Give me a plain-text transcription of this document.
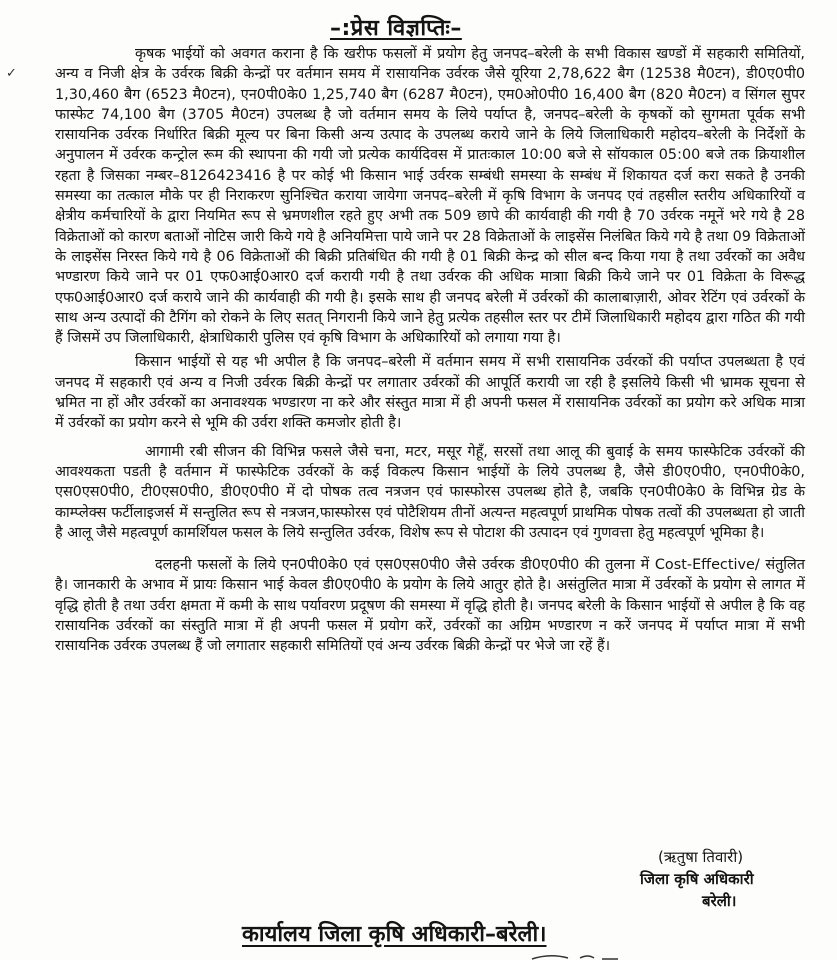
✓
–:प्रेस विज्ञप्तिः–

कृषक भाईयों को अवगत कराना है कि खरीफ फसलों में प्रयोग हेतु जनपद–बरेली के सभी विकास खण्डों में सहकारी समितियों, अन्य व निजी क्षेत्र के उर्वरक बिक्री केन्द्रों पर वर्तमान समय में रासायनिक उर्वरक जैसे यूरिया 2,78,622 बैग (12538 मै0टन), डी0ए0पी0 1,30,460 बैग (6523 मै0टन), एन0पी0के0 1,25,740 बैग (6287 मै0टन), एम0ओ0पी0 16,400 बैग (820 मै0टन) व सिंगल सुपर फास्फेट 74,100 बैग (3705 मै0टन) उपलब्ध है जो वर्तमान समय के लिये पर्याप्त है, जनपद–बरेली के कृषकों को सुगमता पूर्वक सभी रासायनिक उर्वरक निर्धारित बिक्री मूल्य पर बिना किसी अन्य उत्पाद के उपलब्ध कराये जाने के लिये जिलाधिकारी महोदय–बरेली के निर्देशों के अनुपालन में उर्वरक कन्ट्रोल रूम की स्थापना की गयी जो प्रत्येक कार्यदिवस में प्रातःकाल 10:00 बजे से सॉयकाल 05:00 बजे तक क्रियाशील रहता है जिसका नम्बर–8126423416 है पर कोई भी किसान भाई उर्वरक सम्बंधी समस्या के सम्बंध में शिकायत दर्ज करा सकते है उनकी समस्या का तत्काल मौके पर ही निराकरण सुनिश्चित कराया जायेगा जनपद–बरेली में कृषि विभाग के जनपद एवं तहसील स्तरीय अधिकारियों व क्षेत्रीय कर्मचारियों के द्वारा नियमित रूप से भ्रमणशील रहते हुए अभी तक 509 छापे की कार्यवाही की गयी है 70 उर्वरक नमूनें भरे गये है 28 विक्रेताओं को कारण बताओं नोटिस जारी किये गये है अनियमित्ता पाये जाने पर 28 विक्रेताओं के लाइसेंस निलंबित किये गये है तथा 09 विक्रेताओं के लाइसेंस निरस्त किये गये है 06 विक्रेताओं की बिक्री प्रतिबंधित की गयी है 01 बिक्री केन्द्र को सील बन्द किया गया है तथा उर्वरकों का अवैध भण्डारण किये जाने पर 01 एफ0आई0आर0 दर्ज करायी गयी है तथा उर्वरक की अधिक मात्राा बिक्री किये जाने पर 01 विक्रेता के विरूद्ध एफ0आई0आर0 दर्ज कराये जाने की कार्यवाही की गयी है। इसके साथ ही जनपद बरेली में उर्वरकों की कालाबाज़ारी, ओवर रेटिंग एवं उर्वरकों के साथ अन्य उत्पादों की टैगिंग को रोकने के लिए सतत् निगरानी किये जाने हेतु प्रत्येक तहसील स्तर पर टीमें जिलाधिकारी महोदय द्वारा गठित की गयी हैं जिसमें उप जिलाधिकारी, क्षेत्राधिकारी पुलिस एवं कृषि विभाग के अधिकारियों को लगाया गया है।

किसान भाईयों से यह भी अपील है कि जनपद–बरेली में वर्तमान समय में सभी रासायनिक उर्वरकों की पर्याप्त उपलब्धता है एवं जनपद में सहकारी एवं अन्य व निजी उर्वरक बिक्री केन्द्रों पर लगातार उर्वरकों की आपूर्ति करायी जा रही है इसलिये किसी भी भ्रामक सूचना से भ्रमित ना हों और उर्वरकों का अनावश्यक भण्डारण ना करे और संस्तुत मात्रा में ही अपनी फसल में रासायनिक उर्वरकों का प्रयोग करे अधिक मात्रा में उर्वरकों का प्रयोग करने से भूमि की उर्वरा शक्ति कमजोर होती है।

आगामी रबी सीजन की विभिन्न फसले जैसे चना, मटर, मसूर गेहूँ, सरसों तथा आलू की बुवाई के समय फास्फेटिक उर्वरकों की आवश्यकता पडती है वर्तमान में फास्फेटिक उर्वरकों के कई विकल्प किसान भाईयों के लिये उपलब्ध है, जैसे डी0ए0पी0, एन0पी0के0, एस0एस0पी0, टी0एस0पी0, डी0ए0पी0 में दो पोषक तत्व नत्रजन एवं फास्फोरस उपलब्ध होते है, जबकि एन0पी0के0 के विभिन्न ग्रेड के काम्प्लेक्स फर्टीलाइजर्स में सन्तुलित रूप से नत्रजन,फास्फोरस एवं पोटैशियम तीनों अत्यन्त महत्वपूर्ण प्राथमिक पोषक तत्वों की उपलब्धता हो जाती है आलू जैसे महत्वपूर्ण कामर्शियल फसल के लिये सन्तुलित उर्वरक, विशेष रूप से पोटाश की उत्पादन एवं गुणवत्ता हेतु महत्वपूर्ण भूमिका है।

दलहनी फसलों के लिये एन0पी0के0 एवं एस0एस0पी0 जैसे उर्वरक डी0ए0पी0 की तुलना में Cost-Effective/ संतुलित है। जानकारी के अभाव में प्रायः किसान भाई केवल डी0ए0पी0 के प्रयोग के लिये आतुर होते है। असंतुलित मात्रा में उर्वरकों के प्रयोग से लागत में वृद्धि होती है तथा उर्वरा क्षमता में कमी के साथ पर्यावरण प्रदूषण की समस्या में वृद्धि होती है। जनपद बरेली के किसान भाईयों से अपील है कि वह रासायनिक उर्वरकों का संस्तुति मात्रा में ही अपनी फसल में प्रयोग करें, उर्वरकों का अग्रिम भण्डारण न करें जनपद में पर्याप्त मात्रा में सभी रासायनिक उर्वरक उपलब्ध हैं जो लगातार सहकारी समितियों एवं अन्य उर्वरक बिक्री केन्द्रों पर भेजे जा रहें हैं।

(ऋतुषा तिवारी)
जिला कृषि अधिकारी
बरेली।
कार्यालय जिला कृषि अधिकारी–बरेली।
